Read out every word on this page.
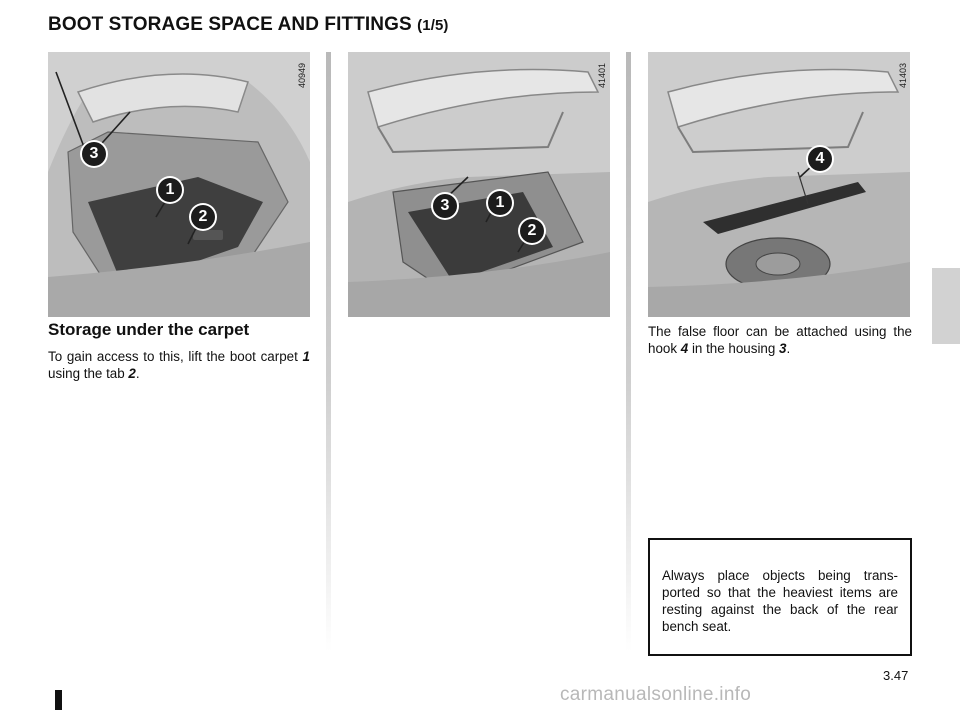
BOOT STORAGE SPACE AND FITTINGS (1/5)
40949
3
1
2
41401
3	1
2
41403
4
Storage under the carpet

To gain access to this, lift the boot carpet 1 using the tab 2.

The false floor can be attached using the hook 4 in the housing 3.

Always place objects being trans-ported so that the heaviest items are resting against the back of the rear bench seat.

3.47
carmanualsonline.info
